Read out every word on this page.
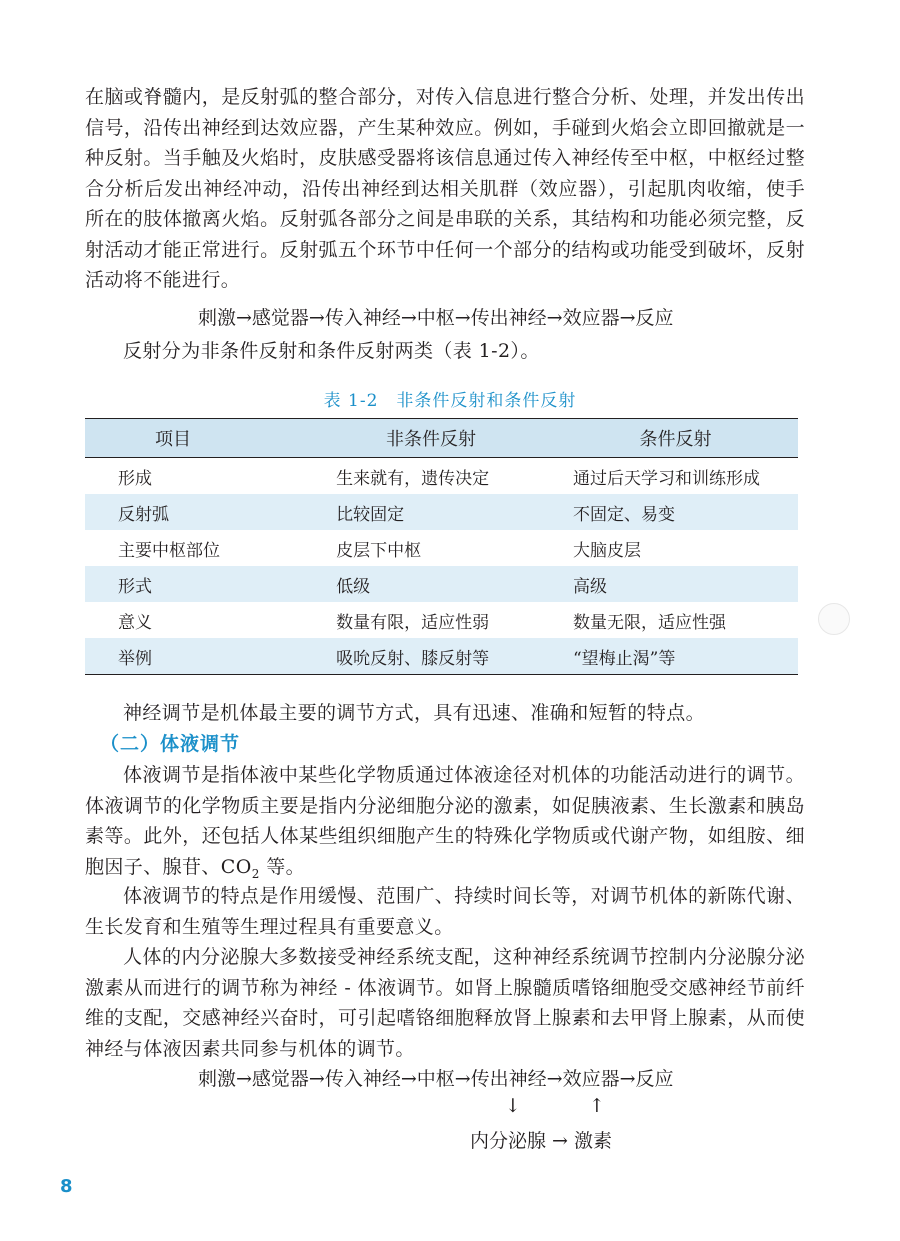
在脑或脊髓内，是反射弧的整合部分，对传入信息进行整合分析、处理，并发出传出信号，沿传出神经到达效应器，产生某种效应。例如，手碰到火焰会立即回撤就是一种反射。当手触及火焰时，皮肤感受器将该信息通过传入神经传至中枢，中枢经过整合分析后发出神经冲动，沿传出神经到达相关肌群（效应器），引起肌肉收缩，使手所在的肢体撤离火焰。反射弧各部分之间是串联的关系，其结构和功能必须完整，反射活动才能正常进行。反射弧五个环节中任何一个部分的结构或功能受到破坏，反射活动将不能进行。

刺激→感觉器→传入神经→中枢→传出神经→效应器→反应

反射分为非条件反射和条件反射两类（表 1-2）。

表 1-2　非条件反射和条件反射
项目	非条件反射	条件反射
形成	生来就有，遗传决定	通过后天学习和训练形成
反射弧	比较固定	不固定、易变
主要中枢部位	皮层下中枢	大脑皮层
形式	低级	高级
意义	数量有限，适应性弱	数量无限，适应性强
举例	吸吮反射、膝反射等	“望梅止渴”等

神经调节是机体最主要的调节方式，具有迅速、准确和短暂的特点。

（二）体液调节

体液调节是指体液中某些化学物质通过体液途径对机体的功能活动进行的调节。体液调节的化学物质主要是指内分泌细胞分泌的激素，如促胰液素、生长激素和胰岛素等。此外，还包括人体某些组织细胞产生的特殊化学物质或代谢产物，如组胺、细胞因子、腺苷、$CO_2$ 等。

体液调节的特点是作用缓慢、范围广、持续时间长等，对调节机体的新陈代谢、生长发育和生殖等生理过程具有重要意义。

人体的内分泌腺大多数接受神经系统支配，这种神经系统调节控制内分泌腺分泌激素从而进行的调节称为神经 - 体液调节。如肾上腺髓质嗜铬细胞受交感神经节前纤维的支配，交感神经兴奋时，可引起嗜铬细胞释放肾上腺素和去甲肾上腺素，从而使神经与体液因素共同参与机体的调节。

刺激→感觉器→传入神经→中枢→传出神经→效应器→反应
↓	↑
内分泌腺 → 激素
8
